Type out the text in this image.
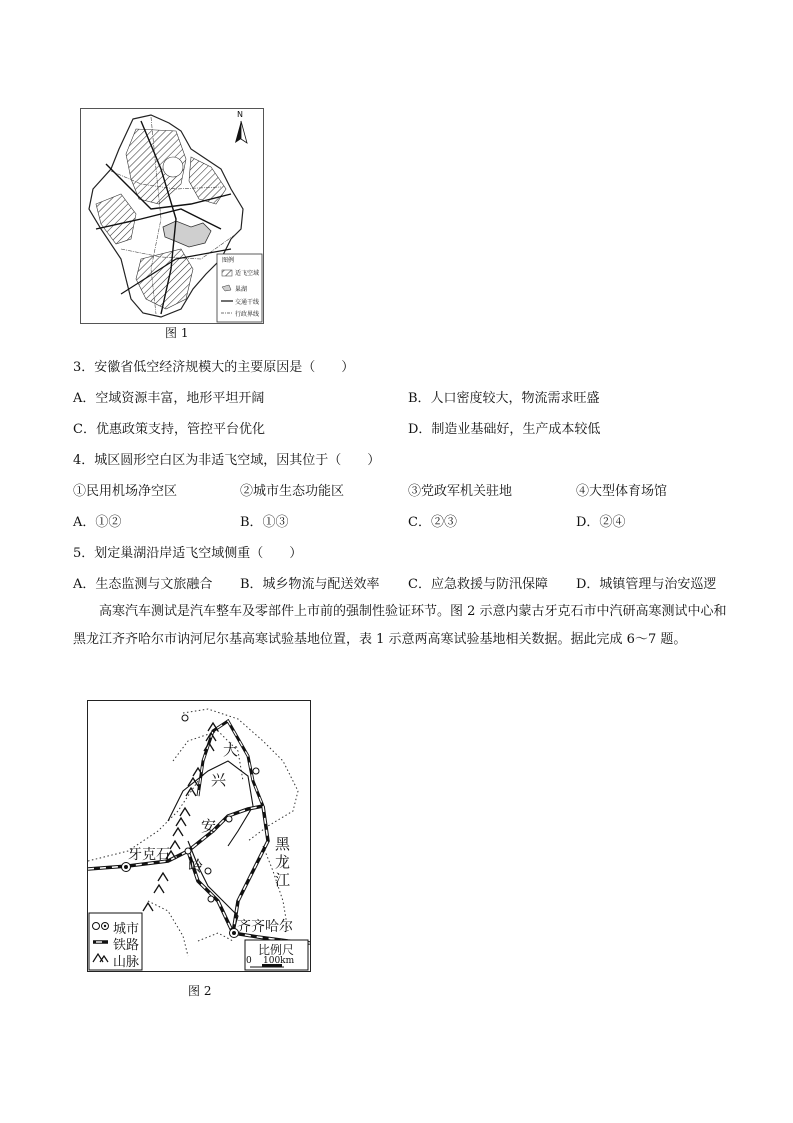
N
图例
适飞空域
巢湖
交通干线
行政界线
图 1
3．安徽省低空经济规模大的主要原因是（　　）
A．空域资源丰富，地形平坦开阔	B．人口密度较大，物流需求旺盛
C．优惠政策支持，管控平台优化	D．制造业基础好，生产成本较低
4．城区圆形空白区为非适飞空域，因其位于（　　）
①民用机场净空区	②城市生态功能区	③党政军机关驻地	④大型体育场馆
A．①②	B．①③	C．②③	D．②④
5．划定巢湖沿岸适飞空域侧重（　　）
A．生态监测与文旅融合 B．城乡物流与配送效率 C．应急救援与防汛保障 D．城镇管理与治安巡逻
高寒汽车测试是汽车整车及零部件上市前的强制性验证环节。图 2 示意内蒙古牙克石市中汽研高寒测试中心和黑龙江齐齐哈尔市讷河尼尔基高寒试验基地位置，表 1 示意两高寒试验基地相关数据。据此完成 6～7 题。
大
兴
安
岭
牙克石
黑
龙
江
齐齐哈尔
城市
铁路
山脉
比例尺
0 100km
图 2
